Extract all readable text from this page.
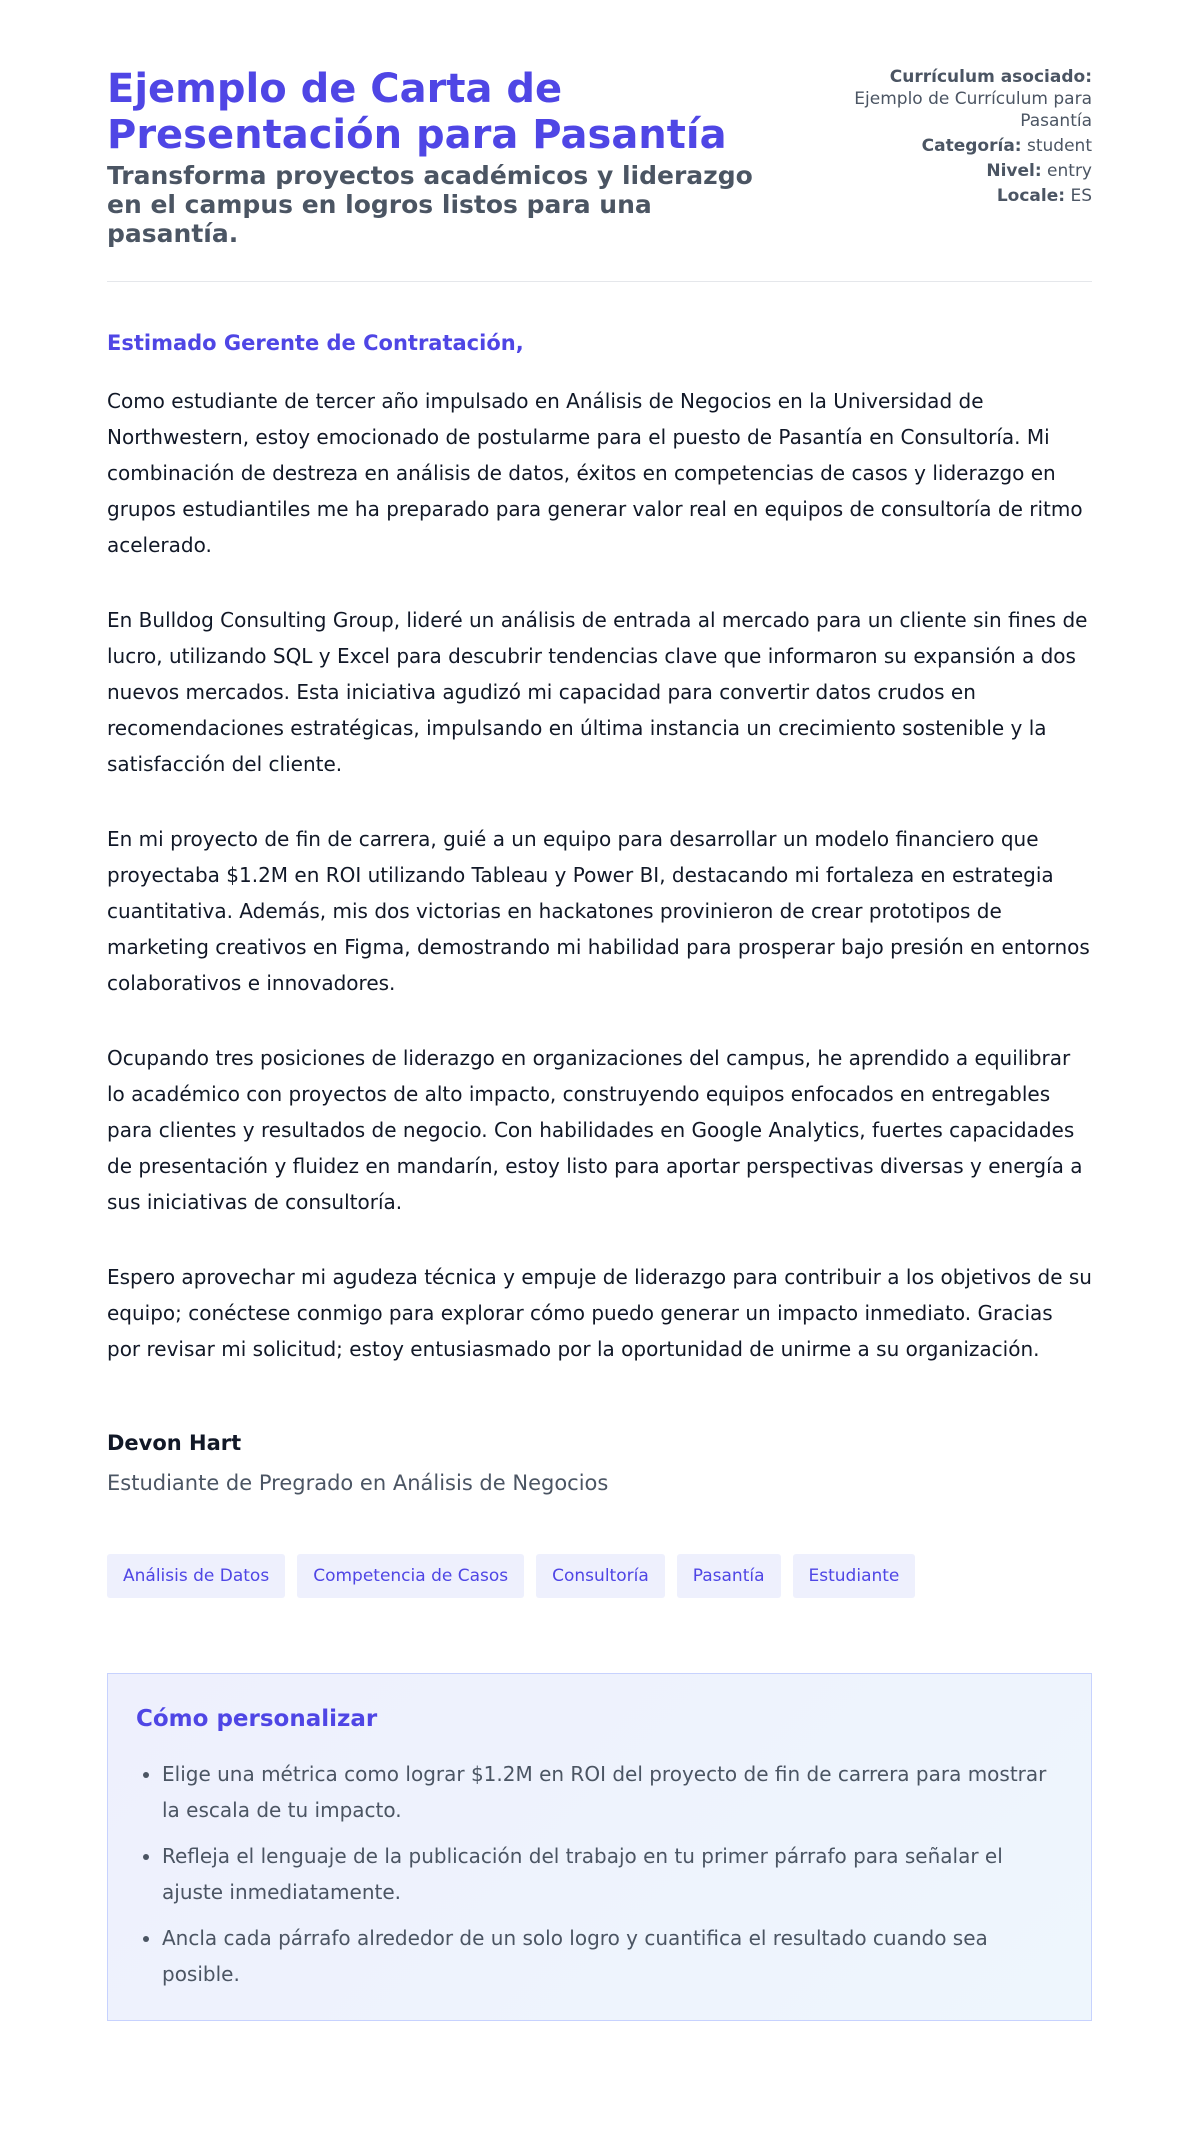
Ejemplo de Carta de Presentación para Pasantía
Transforma proyectos académicos y liderazgo en el campus en logros listos para una pasantía.
Currículum asociado:
Ejemplo de Currículum para Pasantía
Categoría: student
Nivel: entry
Locale: ES

Estimado Gerente de Contratación,

Como estudiante de tercer año impulsado en Análisis de Negocios en la Universidad de Northwestern, estoy emocionado de postularme para el puesto de Pasantía en Consultoría. Mi combinación de destreza en análisis de datos, éxitos en competencias de casos y liderazgo en grupos estudiantiles me ha preparado para generar valor real en equipos de consultoría de ritmo acelerado.

En Bulldog Consulting Group, lideré un análisis de entrada al mercado para un cliente sin fines de lucro, utilizando SQL y Excel para descubrir tendencias clave que informaron su expansión a dos nuevos mercados. Esta iniciativa agudizó mi capacidad para convertir datos crudos en recomendaciones estratégicas, impulsando en última instancia un crecimiento sostenible y la satisfacción del cliente.

En mi proyecto de fin de carrera, guié a un equipo para desarrollar un modelo financiero que proyectaba $1.2M en ROI utilizando Tableau y Power BI, destacando mi fortaleza en estrategia cuantitativa. Además, mis dos victorias en hackatones provinieron de crear prototipos de marketing creativos en Figma, demostrando mi habilidad para prosperar bajo presión en entornos colaborativos e innovadores.

Ocupando tres posiciones de liderazgo en organizaciones del campus, he aprendido a equilibrar lo académico con proyectos de alto impacto, construyendo equipos enfocados en entregables para clientes y resultados de negocio. Con habilidades en Google Analytics, fuertes capacidades de presentación y fluidez en mandarín, estoy listo para aportar perspectivas diversas y energía a sus iniciativas de consultoría.

Espero aprovechar mi agudeza técnica y empuje de liderazgo para contribuir a los objetivos de su equipo; conéctese conmigo para explorar cómo puedo generar un impacto inmediato. Gracias por revisar mi solicitud; estoy entusiasmado por la oportunidad de unirme a su organización.

Devon Hart
Estudiante de Pregrado en Análisis de Negocios
Análisis de Datos	Competencia de Casos	Consultoría	Pasantía	Estudiante
Cómo personalizar
• Elige una métrica como lograr $1.2M en ROI del proyecto de fin de carrera para mostrar la escala de tu impacto.
• Refleja el lenguaje de la publicación del trabajo en tu primer párrafo para señalar el ajuste inmediatamente.
• Ancla cada párrafo alrededor de un solo logro y cuantifica el resultado cuando sea posible.
